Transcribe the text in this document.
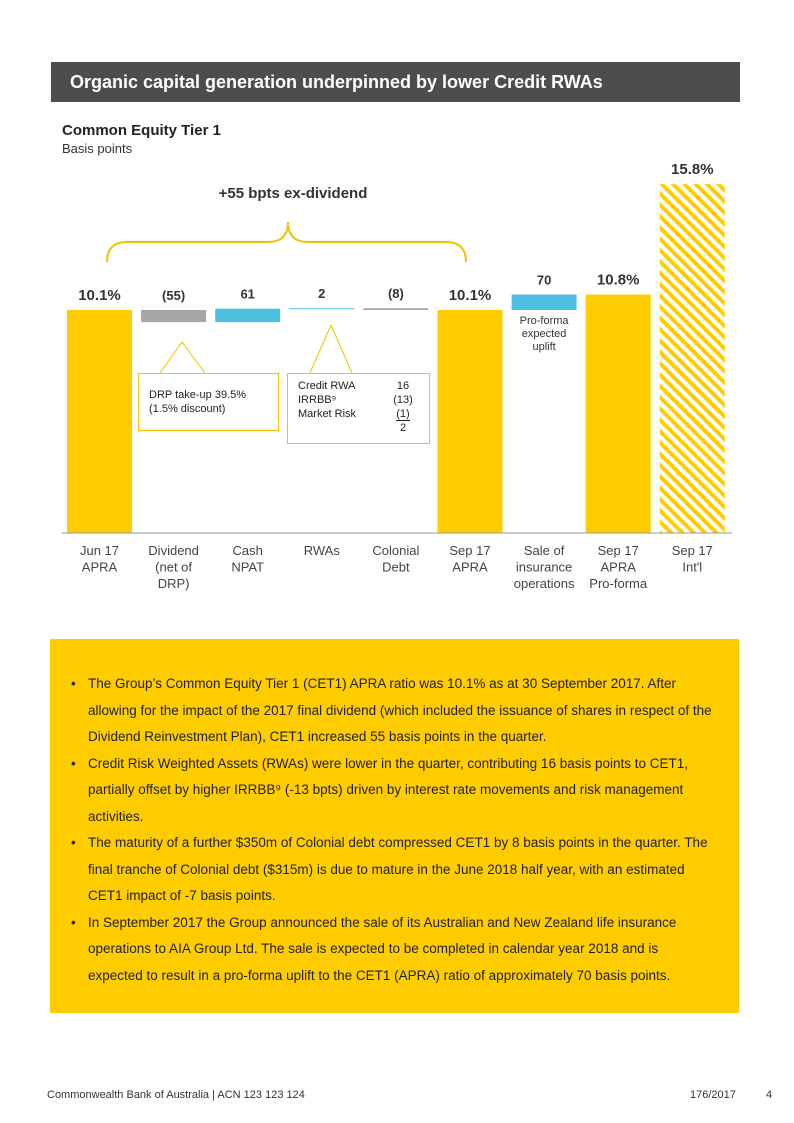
Organic capital generation underpinned by lower Credit RWAs
Common Equity Tier 1
Basis points
10.1%
Jun 17
APRA
(55)
Dividend
(net of
DRP)
61
Cash
NPAT
2
RWAs
(8)
Colonial
Debt
10.1%
Sep 17
APRA
70
Pro-forma
expected
uplift
Sale of
insurance
operations
10.8%
Sep 17
APRA
Pro-forma
15.8%
Sep 17
Int'l
+55 bpts ex-dividend
DRP take-up 39.5%
(1.5% discount)
Credit RWA	16
IRRBB⁹	(13)
Market Risk	(1)
2
• The Group’s Common Equity Tier 1 (CET1) APRA ratio was 10.1% as at 30 September 2017. After allowing for the impact of the 2017 final dividend (which included the issuance of shares in respect of the Dividend Reinvestment Plan), CET1 increased 55 basis points in the quarter.
• Credit Risk Weighted Assets (RWAs) were lower in the quarter, contributing 16 basis points to CET1, partially offset by higher IRRBB⁹ (-13 bpts) driven by interest rate movements and risk management activities.
• The maturity of a further $350m of Colonial debt compressed CET1 by 8 basis points in the quarter. The final tranche of Colonial debt ($315m) is due to mature in the June 2018 half year, with an estimated CET1 impact of -7 basis points.
• In September 2017 the Group announced the sale of its Australian and New Zealand life insurance operations to AIA Group Ltd. The sale is expected to be completed in calendar year 2018 and is expected to result in a pro-forma uplift to the CET1 (APRA) ratio of approximately 70 basis points.
Commonwealth Bank of Australia | ACN 123 123 124	176/2017	4
